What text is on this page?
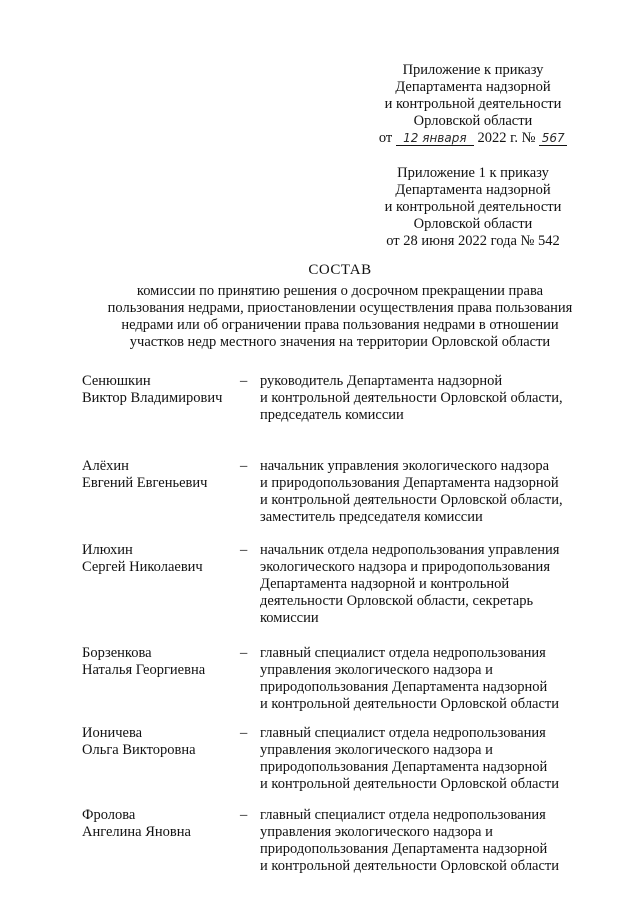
Приложение к приказу
Департамента надзорной
и контрольной деятельности
Орловской области
от 12 января 2022 г. № 567
Приложение 1 к приказу
Департамента надзорной
и контрольной деятельности
Орловской области
от 28 июня 2022 года № 542
СОСТАВ
комиссии по принятию решения о досрочном прекращении права
пользования недрами, приостановлении осуществления права пользования
недрами или об ограничении права пользования недрами в отношении
участков недр местного значения на территории Орловской области
Сенюшкин
Виктор Владимирович
– руководитель Департамента надзорной
и контрольной деятельности Орловской области,
председатель комиссии
Алёхин
Евгений Евгеньевич
– начальник управления экологического надзора
и природопользования Департамента надзорной
и контрольной деятельности Орловской области,
заместитель председателя комиссии
Илюхин
Сергей Николаевич
– начальник отдела недропользования управления
экологического надзора и природопользования
Департамента надзорной и контрольной
деятельности Орловской области, секретарь
комиссии
Борзенкова
Наталья Георгиевна
– главный специалист отдела недропользования
управления экологического надзора и
природопользования Департамента надзорной
и контрольной деятельности Орловской области
Ионичева
Ольга Викторовна
– главный специалист отдела недропользования
управления экологического надзора и
природопользования Департамента надзорной
и контрольной деятельности Орловской области
Фролова
Ангелина Яновна
– главный специалист отдела недропользования
управления экологического надзора и
природопользования Департамента надзорной
и контрольной деятельности Орловской области
